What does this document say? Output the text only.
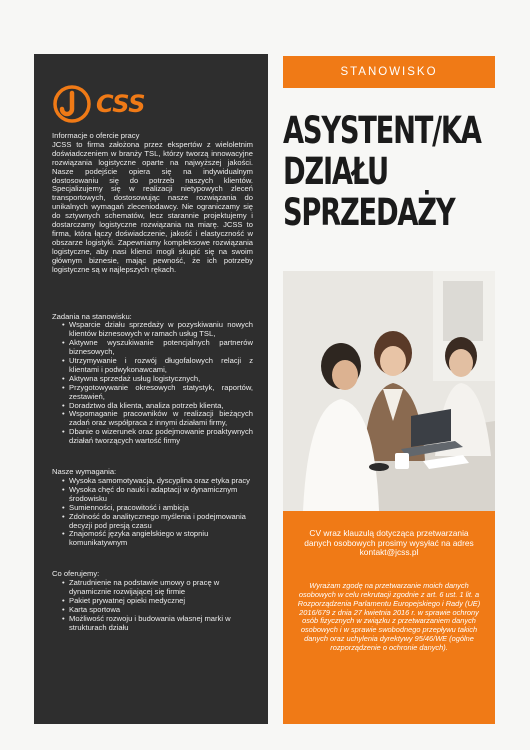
CSS
Informacje o ofercie pracy

JCSS to firma założona przez ekspertów z wieloletnim doświadczeniem w branży TSL, którzy tworzą innowacyjne rozwiązania logistyczne oparte na najwyższej jakości. Nasze podejście opiera się na indywidualnym dostosowaniu się do potrzeb naszych klientów. Specjalizujemy się w realizacji nietypowych zleceń transportowych, dostosowując nasze rozwiązania do unikalnych wymagań zleceniodawcy. Nie ograniczamy się do sztywnych schematów, lecz starannie projektujemy i dostarczamy logistyczne rozwiązania na miarę. JCSS to firma, która łączy doświadczenie, jakość i elastyczność w obszarze logistyki. Zapewniamy kompleksowe rozwiązania logistyczne, aby nasi klienci mogli skupić się na swoim głównym biznesie, mając pewność, że ich potrzeby logistyczne są w najlepszych rękach.

Zadania na stanowisku:
• Wsparcie działu sprzedaży w pozyskiwaniu nowych klientów biznesowych w ramach usług TSL,
• Aktywne wyszukiwanie potencjalnych partnerów biznesowych,
• Utrzymywanie i rozwój długofalowych relacji z klientami i podwykonawcami,
• Aktywna sprzedaż usług logistycznych,
• Przygotowywanie okresowych statystyk, raportów, zestawień,
• Doradztwo dla klienta, analiza potrzeb klienta,
• Wspomaganie pracowników w realizacji bieżących zadań oraz współpraca z innymi działami firmy,
• Dbanie o wizerunek oraz podejmowanie proaktywnych działań tworzących wartość firmy
Nasze wymagania:
• Wysoka samomotywacja, dyscyplina oraz etyka pracy
• Wysoka chęć do nauki i adaptacji w dynamicznym środowisku
• Sumienności, pracowitość i ambicja
• Zdolność do analitycznego myślenia i podejmowania decyzji pod presją czasu
• Znajomość języka angielskiego w stopniu komunikatywnym
Co oferujemy:
• Zatrudnienie na podstawie umowy o pracę w dynamicznie rozwijającej się firmie
• Pakiet prywatnej opieki medycznej
• Karta sportowa
• Możliwość rozwoju i budowania własnej marki w strukturach działu
STANOWISKO
ASYSTENT/KA
DZIAŁU
SPRZEDAŻY

CV wraz klauzulą dotycząca przetwarzania danych osobowych prosimy wysyłać na adres kontakt@jcss.pl

Wyrażam zgodę na przetwarzanie moich danych osobowych w celu rekrutacji zgodnie z art. 6 ust. 1 lit. a Rozporządzenia Parlamentu Europejskiego i Rady (UE) 2016/679 z dnia 27 kwietnia 2016 r. w sprawie ochrony osób fizycznych w związku z przetwarzaniem danych osobowych i w sprawie swobodnego przepływu takich danych oraz uchylenia dyrektywy 95/46/WE (ogólne rozporządzenie o ochronie danych).
